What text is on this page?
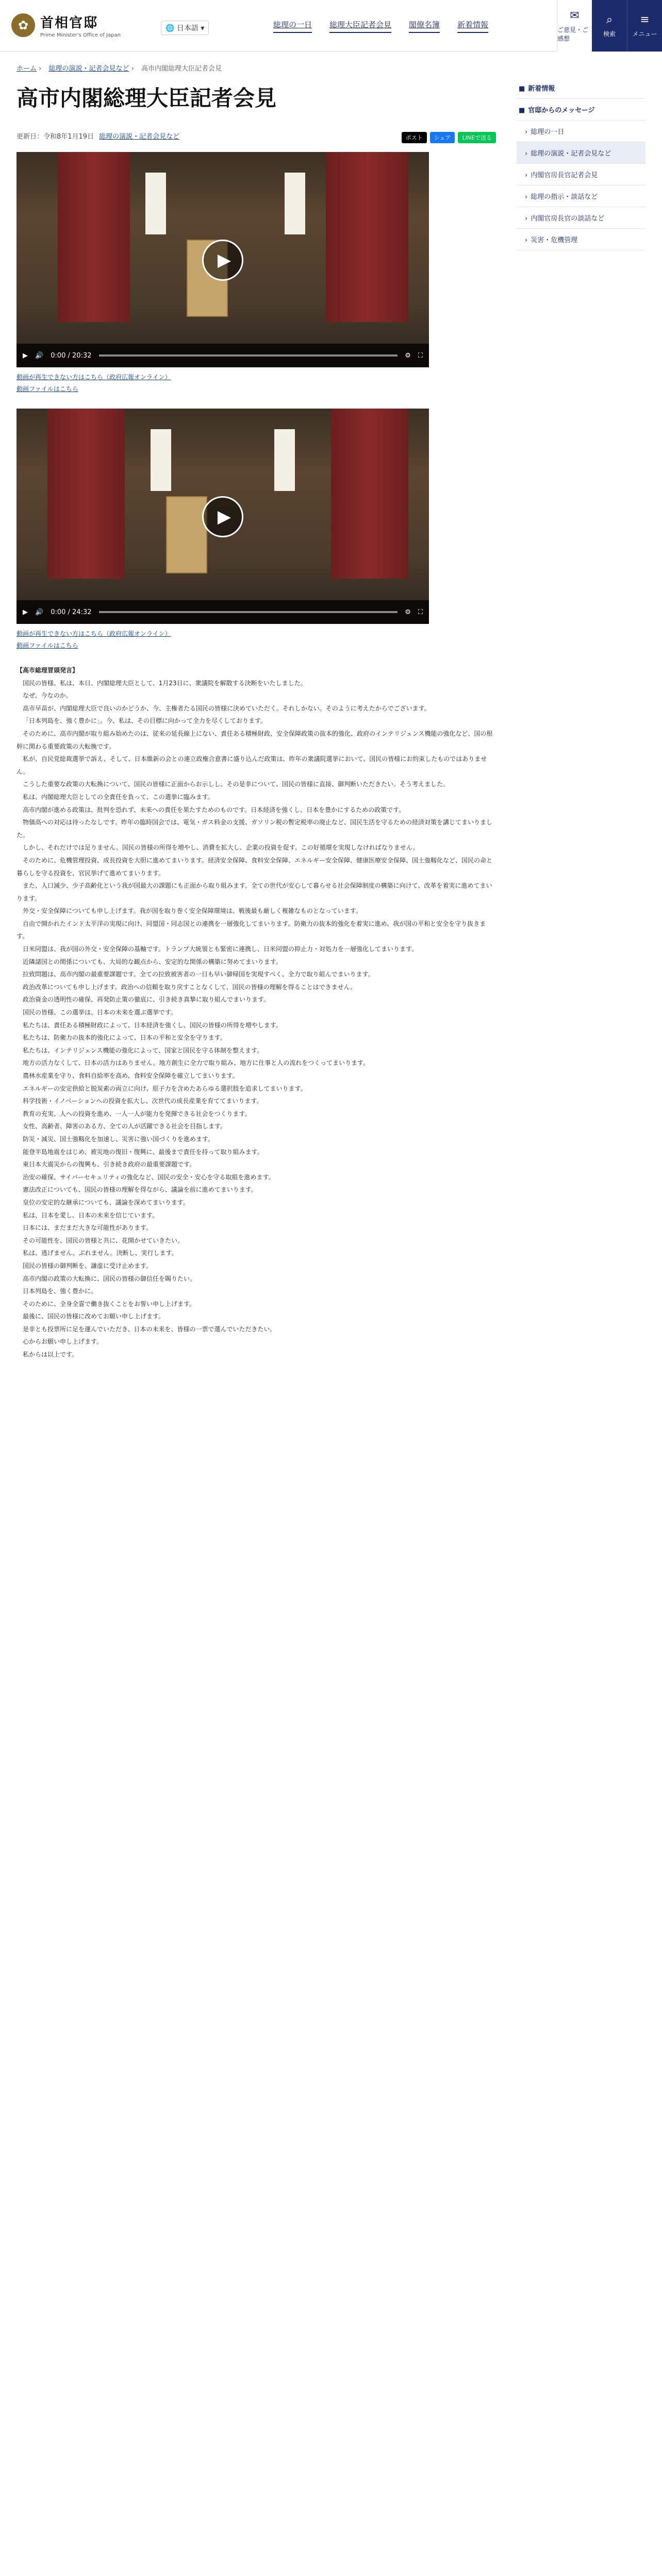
✿ 首相官邸
Prime Minister's Office of Japan
🌐 日本語 ▾	総理の一日 総理大臣記者会見 閣僚名簿 新着情報
✉
ご意見・ご感想
⌕
検索
≡
メニュー
ホーム › 総理の演説・記者会見など › 高市内閣総理大臣記者会見
高市内閣総理大臣記者会見
更新日：令和8年1月19日 総理の演説・記者会見など	ポスト	シェア	LINEで送る
▶
▶ 🔊 0:00 / 20:32	⚙ ⛶

動画が再生できない方はこちら（政府広報オンライン）

動画ファイルはこちら

▶
▶ 🔊 0:00 / 24:32	⚙ ⛶

動画が再生できない方はこちら（政府広報オンライン）

動画ファイルはこちら

【高市総理冒頭発言】

国民の皆様、私は、本日、内閣総理大臣として、1月23日に、衆議院を解散する決断をいたしました。

なぜ、今なのか。

高市早苗が、内閣総理大臣で良いのかどうか、今、主権者たる国民の皆様に決めていただく。それしかない。そのように考えたからでございます。

「日本列島を、強く豊かに」。今、私は、その目標に向かって全力を尽くしております。

そのために、高市内閣が取り組み始めたのは、従来の延長線上にない、責任ある積極財政、安全保障政策の抜本的強化、政府のインテリジェンス機能の強化など、国の根幹に関わる重要政策の大転換です。

私が、自民党総裁選挙で訴え、そして、日本維新の会との連立政権合意書に盛り込んだ政策は、昨年の衆議院選挙において、国民の皆様にお約束したものではありません。

こうした重要な政策の大転換について、国民の皆様に正面からお示しし、その是非について、国民の皆様に直接、御判断いただきたい。そう考えました。

私は、内閣総理大臣としての全責任を負って、この選挙に臨みます。

高市内閣が進める政策は、批判を恐れず、未来への責任を果たすためのものです。日本経済を強くし、日本を豊かにするための政策です。

物価高への対応は待ったなしです。昨年の臨時国会では、電気・ガス料金の支援、ガソリン税の暫定税率の廃止など、国民生活を守るための経済対策を講じてまいりました。

しかし、それだけでは足りません。国民の皆様の所得を増やし、消費を拡大し、企業の投資を促す。この好循環を実現しなければなりません。

そのために、危機管理投資、成長投資を大胆に進めてまいります。経済安全保障、食料安全保障、エネルギー安全保障、健康医療安全保障、国土強靱化など、国民の命と暮らしを守る投資を、官民挙げて進めてまいります。

また、人口減少、少子高齢化という我が国最大の課題にも正面から取り組みます。全ての世代が安心して暮らせる社会保障制度の構築に向けて、改革を着実に進めてまいります。

外交・安全保障についても申し上げます。我が国を取り巻く安全保障環境は、戦後最も厳しく複雑なものとなっています。

自由で開かれたインド太平洋の実現に向け、同盟国・同志国との連携を一層強化してまいります。防衛力の抜本的強化を着実に進め、我が国の平和と安全を守り抜きます。

日米同盟は、我が国の外交・安全保障の基軸です。トランプ大統領とも緊密に連携し、日米同盟の抑止力・対処力を一層強化してまいります。

近隣諸国との関係についても、大局的な観点から、安定的な関係の構築に努めてまいります。

拉致問題は、高市内閣の最重要課題です。全ての拉致被害者の一日も早い御帰国を実現すべく、全力で取り組んでまいります。

政治改革についても申し上げます。政治への信頼を取り戻すことなくして、国民の皆様の理解を得ることはできません。

政治資金の透明性の確保、再発防止策の徹底に、引き続き真摯に取り組んでまいります。

国民の皆様、この選挙は、日本の未来を選ぶ選挙です。

私たちは、責任ある積極財政によって、日本経済を強くし、国民の皆様の所得を増やします。

私たちは、防衛力の抜本的強化によって、日本の平和と安全を守ります。

私たちは、インテリジェンス機能の強化によって、国家と国民を守る体制を整えます。

地方の活力なくして、日本の活力はありません。地方創生に全力で取り組み、地方に仕事と人の流れをつくってまいります。

農林水産業を守り、食料自給率を高め、食料安全保障を確立してまいります。

エネルギーの安定供給と脱炭素の両立に向け、原子力を含めたあらゆる選択肢を追求してまいります。

科学技術・イノベーションへの投資を拡大し、次世代の成長産業を育ててまいります。

教育の充実、人への投資を進め、一人一人が能力を発揮できる社会をつくります。

女性、高齢者、障害のある方、全ての人が活躍できる社会を目指します。

防災・減災、国土強靱化を加速し、災害に強い国づくりを進めます。

能登半島地震をはじめ、被災地の復旧・復興に、最後まで責任を持って取り組みます。

東日本大震災からの復興も、引き続き政府の最重要課題です。

治安の確保、サイバーセキュリティの強化など、国民の安全・安心を守る取組を進めます。

憲法改正についても、国民の皆様の理解を得ながら、議論を前に進めてまいります。

皇位の安定的な継承についても、議論を深めてまいります。

私は、日本を愛し、日本の未来を信じています。

日本には、まだまだ大きな可能性があります。

その可能性を、国民の皆様と共に、花開かせていきたい。

私は、逃げません。ぶれません。決断し、実行します。

国民の皆様の御判断を、謙虚に受け止めます。

高市内閣の政策の大転換に、国民の皆様の御信任を賜りたい。

日本列島を、強く豊かに。

そのために、全身全霊で働き抜くことをお誓い申し上げます。

最後に、国民の皆様に改めてお願い申し上げます。

是非とも投票所に足を運んでいただき、日本の未来を、皆様の一票で選んでいただきたい。

心からお願い申し上げます。

私からは以上です。

■ 新着情報
■ 官邸からのメッセージ
› 総理の一日
› 総理の演説・記者会見など
› 内閣官房長官記者会見
› 総理の指示・談話など
› 内閣官房長官の談話など
› 災害・危機管理
